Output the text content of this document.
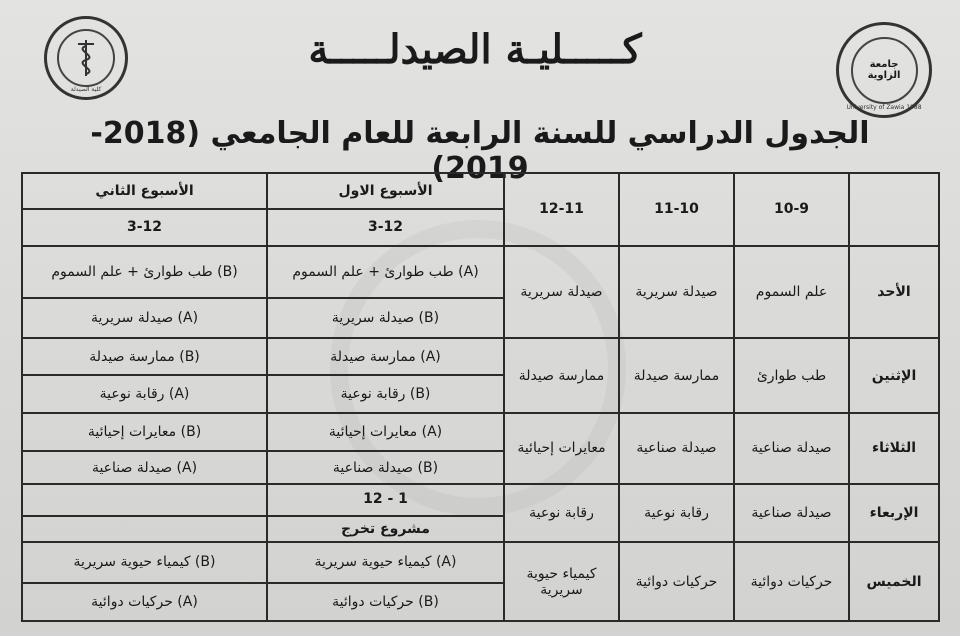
كلية الصيدلة
جامعة الزاوية
University of Zawia 1988
كـــــليـة الصيدلـــــة
الجدول الدراسي للسنة الرابعة للعام الجامعي (2018-2019)
الأسبوع الثاني	الأسبوع الاول	12-11	11-10	10-9	
3-12	3-12				
طب طوارئ + علم السموم (B)	طب طوارئ + علم السموم (A)	صيدلة سريرية	صيدلة سريرية	علم السموم	الأحد
صيدلة سريرية (A)	صيدلة سريرية (B)				
ممارسة صيدلة (B)	ممارسة صيدلة (A)	ممارسة صيدلة	ممارسة صيدلة	طب طوارئ	الإثنين
رقابة نوعية (A)	رقابة نوعية (B)				
معايرات إحيائية (B)	معايرات إحيائية (A)	معايرات إحيائية	صيدلة صناعية	صيدلة صناعية	الثلاثاء
صيدلة صناعية (A)	صيدلة صناعية (B)				
	12 - 1	رقابة نوعية	رقابة نوعية	صيدلة صناعية	الإربعاء
	مشروع تخرج				
كيمياء حيوية سريرية (B)	كيمياء حيوية سريرية (A)	كيمياء حيوية سريرية	حركيات دوائية	حركيات دوائية	الخميس
حركيات دوائية (A)	حركيات دوائية (B)				
